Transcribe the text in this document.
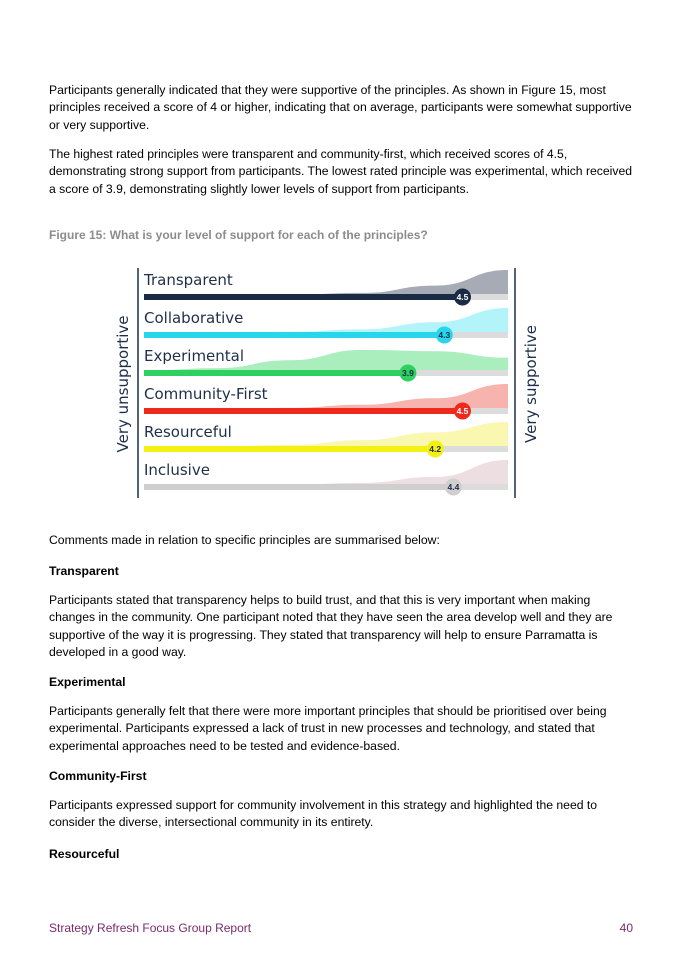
Participants generally indicated that they were supportive of the principles. As shown in Figure 15, most principles received a score of 4 or higher, indicating that on average, participants were somewhat supportive or very supportive.

The highest rated principles were transparent and community-first, which received scores of 4.5, demonstrating strong support from participants. The lowest rated principle was experimental, which received a score of 3.9, demonstrating slightly lower levels of support from participants.

Figure 15: What is your level of support for each of the principles?

4.5
Transparent
4.3
Collaborative
3.9
Experimental
4.5
Community-First
4.2
Resourceful
4.4
Inclusive
Very unsupportive	Very supportive

Comments made in relation to specific principles are summarised below:

Transparent

Participants stated that transparency helps to build trust, and that this is very important when making changes in the community. One participant noted that they have seen the area develop well and they are supportive of the way it is progressing. They stated that transparency will help to ensure Parramatta is developed in a good way.

Experimental

Participants generally felt that there were more important principles that should be prioritised over being experimental. Participants expressed a lack of trust in new processes and technology, and stated that experimental approaches need to be tested and evidence-based.

Community-First

Participants expressed support for community involvement in this strategy and highlighted the need to consider the diverse, intersectional community in its entirety.

Resourceful

Strategy Refresh Focus Group Report	40
